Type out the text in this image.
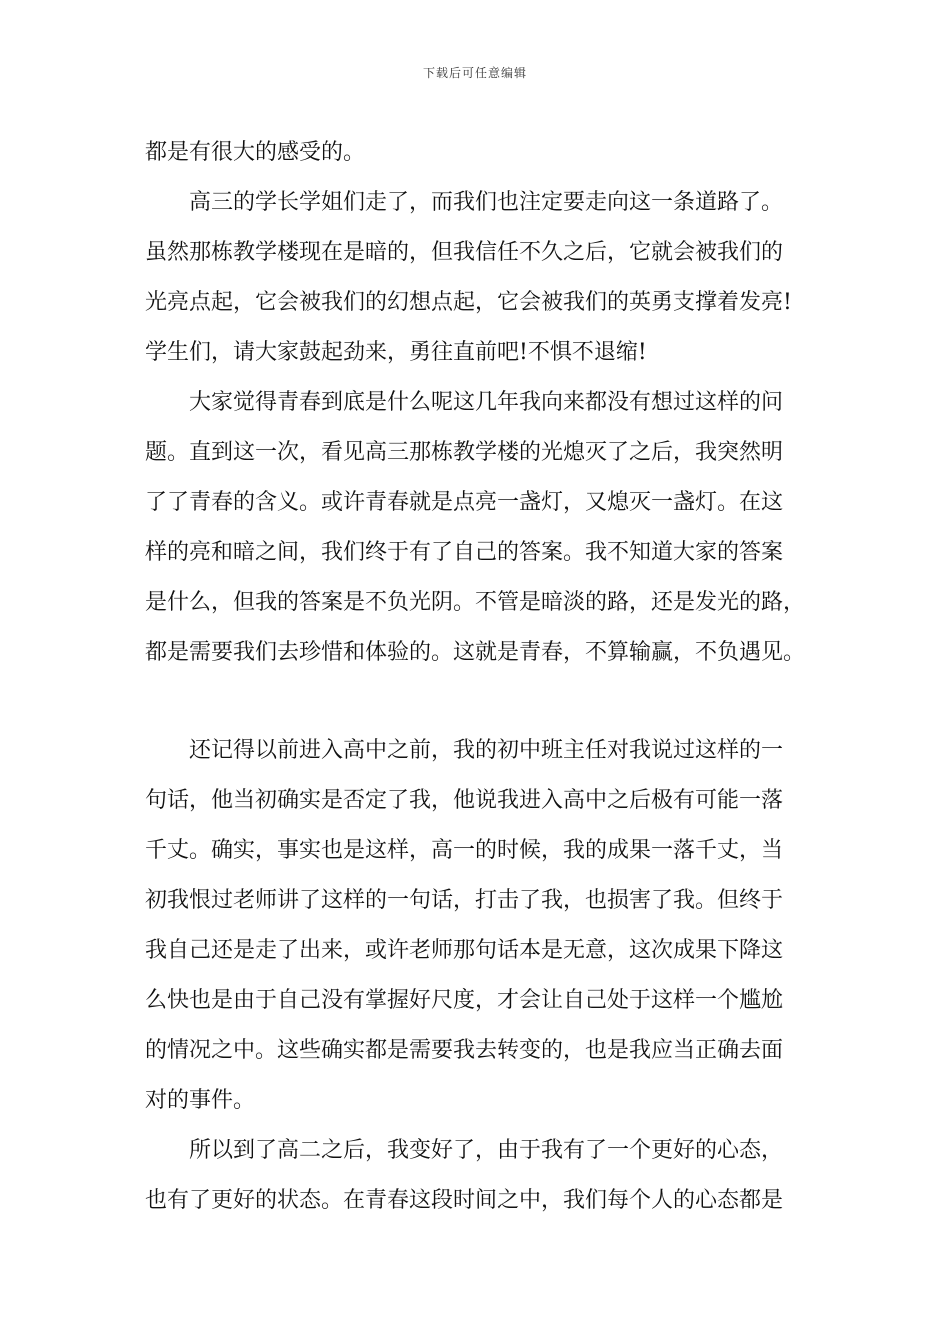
下载后可任意编辑
都是有很大的感受的。
高三的学长学姐们走了，而我们也注定要走向这一条道路了。
虽然那栋教学楼现在是暗的，但我信任不久之后，它就会被我们的
光亮点起，它会被我们的幻想点起，它会被我们的英勇支撑着发亮!
学生们，请大家鼓起劲来，勇往直前吧!不惧不退缩!
大家觉得青春到底是什么呢这几年我向来都没有想过这样的问
题。直到这一次，看见高三那栋教学楼的光熄灭了之后，我突然明
了了青春的含义。或许青春就是点亮一盏灯，又熄灭一盏灯。在这
样的亮和暗之间，我们终于有了自己的答案。我不知道大家的答案
是什么，但我的答案是不负光阴。不管是暗淡的路，还是发光的路，
都是需要我们去珍惜和体验的。这就是青春，不算输赢，不负遇见。
还记得以前进入高中之前，我的初中班主任对我说过这样的一
句话，他当初确实是否定了我，他说我进入高中之后极有可能一落
千丈。确实，事实也是这样，高一的时候，我的成果一落千丈，当
初我恨过老师讲了这样的一句话，打击了我，也损害了我。但终于
我自己还是走了出来，或许老师那句话本是无意，这次成果下降这
么快也是由于自己没有掌握好尺度，才会让自己处于这样一个尴尬
的情况之中。这些确实都是需要我去转变的，也是我应当正确去面
对的事件。
所以到了高二之后，我变好了，由于我有了一个更好的心态，
也有了更好的状态。在青春这段时间之中，我们每个人的心态都是
